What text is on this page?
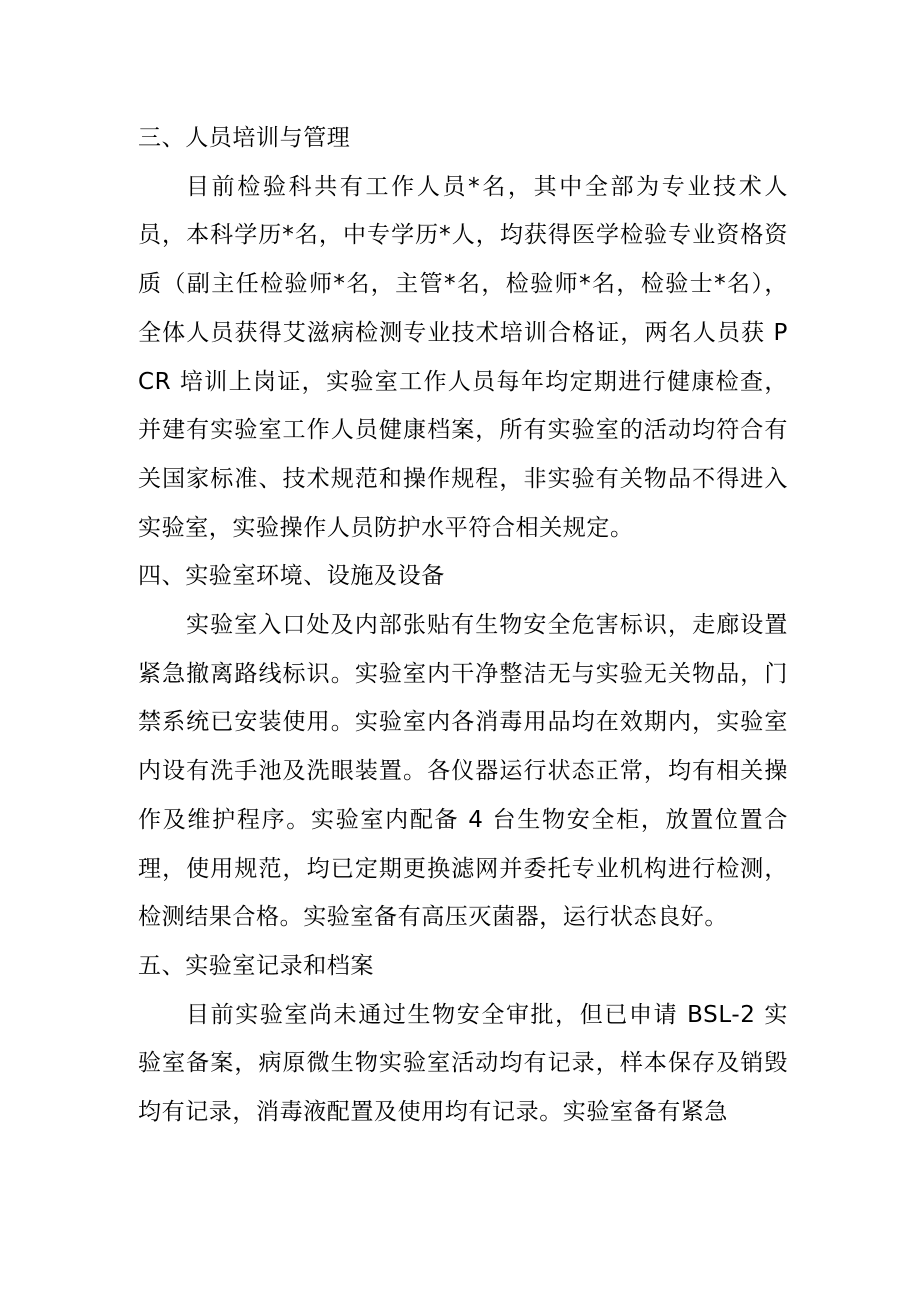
三、人员培训与管理
目前检验科共有工作人员*名，其中全部为专业技术人员，本科学历*名，中专学历*人，均获得医学检验专业资格资质（副主任检验师*名，主管*名，检验师*名，检验士*名），全体人员获得艾滋病检测专业技术培训合格证，两名人员获 PCR 培训上岗证，实验室工作人员每年均定期进行健康检查，并建有实验室工作人员健康档案，所有实验室的活动均符合有关国家标准、技术规范和操作规程，非实验有关物品不得进入实验室，实验操作人员防护水平符合相关规定。
四、实验室环境、设施及设备
实验室入口处及内部张贴有生物安全危害标识，走廊设置紧急撤离路线标识。实验室内干净整洁无与实验无关物品，门禁系统已安装使用。实验室内各消毒用品均在效期内，实验室内设有洗手池及洗眼装置。各仪器运行状态正常，均有相关操作及维护程序。实验室内配备 4 台生物安全柜，放置位置合理，使用规范，均已定期更换滤网并委托专业机构进行检测，检测结果合格。实验室备有高压灭菌器，运行状态良好。
五、实验室记录和档案
目前实验室尚未通过生物安全审批，但已申请 BSL-2 实验室备案，病原微生物实验室活动均有记录，样本保存及销毁均有记录，消毒液配置及使用均有记录。实验室备有紧急
